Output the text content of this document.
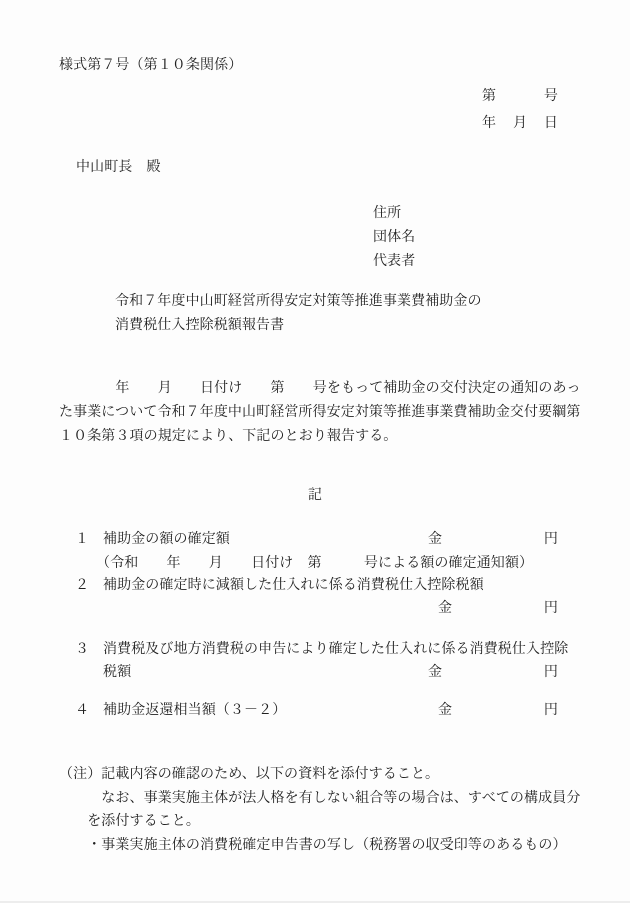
様式第７号（第１０条関係）
第	号
年 月 日
中山町長　殿
住所
団体名
代表者
令和７年度中山町経営所得安定対策等推進事業費補助金の
消費税仕入控除税額報告書
　　　　年　　月　　日付け　　第　　号をもって補助金の交付決定の通知のあっ
た事業について令和７年度中山町経営所得安定対策等推進事業費補助金交付要綱第
１０条第３項の規定により、下記のとおり報告する。
記
１ 補助金の額の確定額	金	円
（令和　　年　　月　　日付け　第　　　号による額の確定通知額）
２ 補助金の確定時に減額した仕入れに係る消費税仕入控除税額
金	円
３ 消費税及び地方消費税の申告により確定した仕入れに係る消費税仕入控除
税額	金	円
４ 補助金返還相当額（３－２）	金	円
（注）記載内容の確認のため、以下の資料を添付すること。
　　　なお、事業実施主体が法人格を有しない組合等の場合は、すべての構成員分
　　を添付すること。
　　・事業実施主体の消費税確定申告書の写し（税務署の収受印等のあるもの）
